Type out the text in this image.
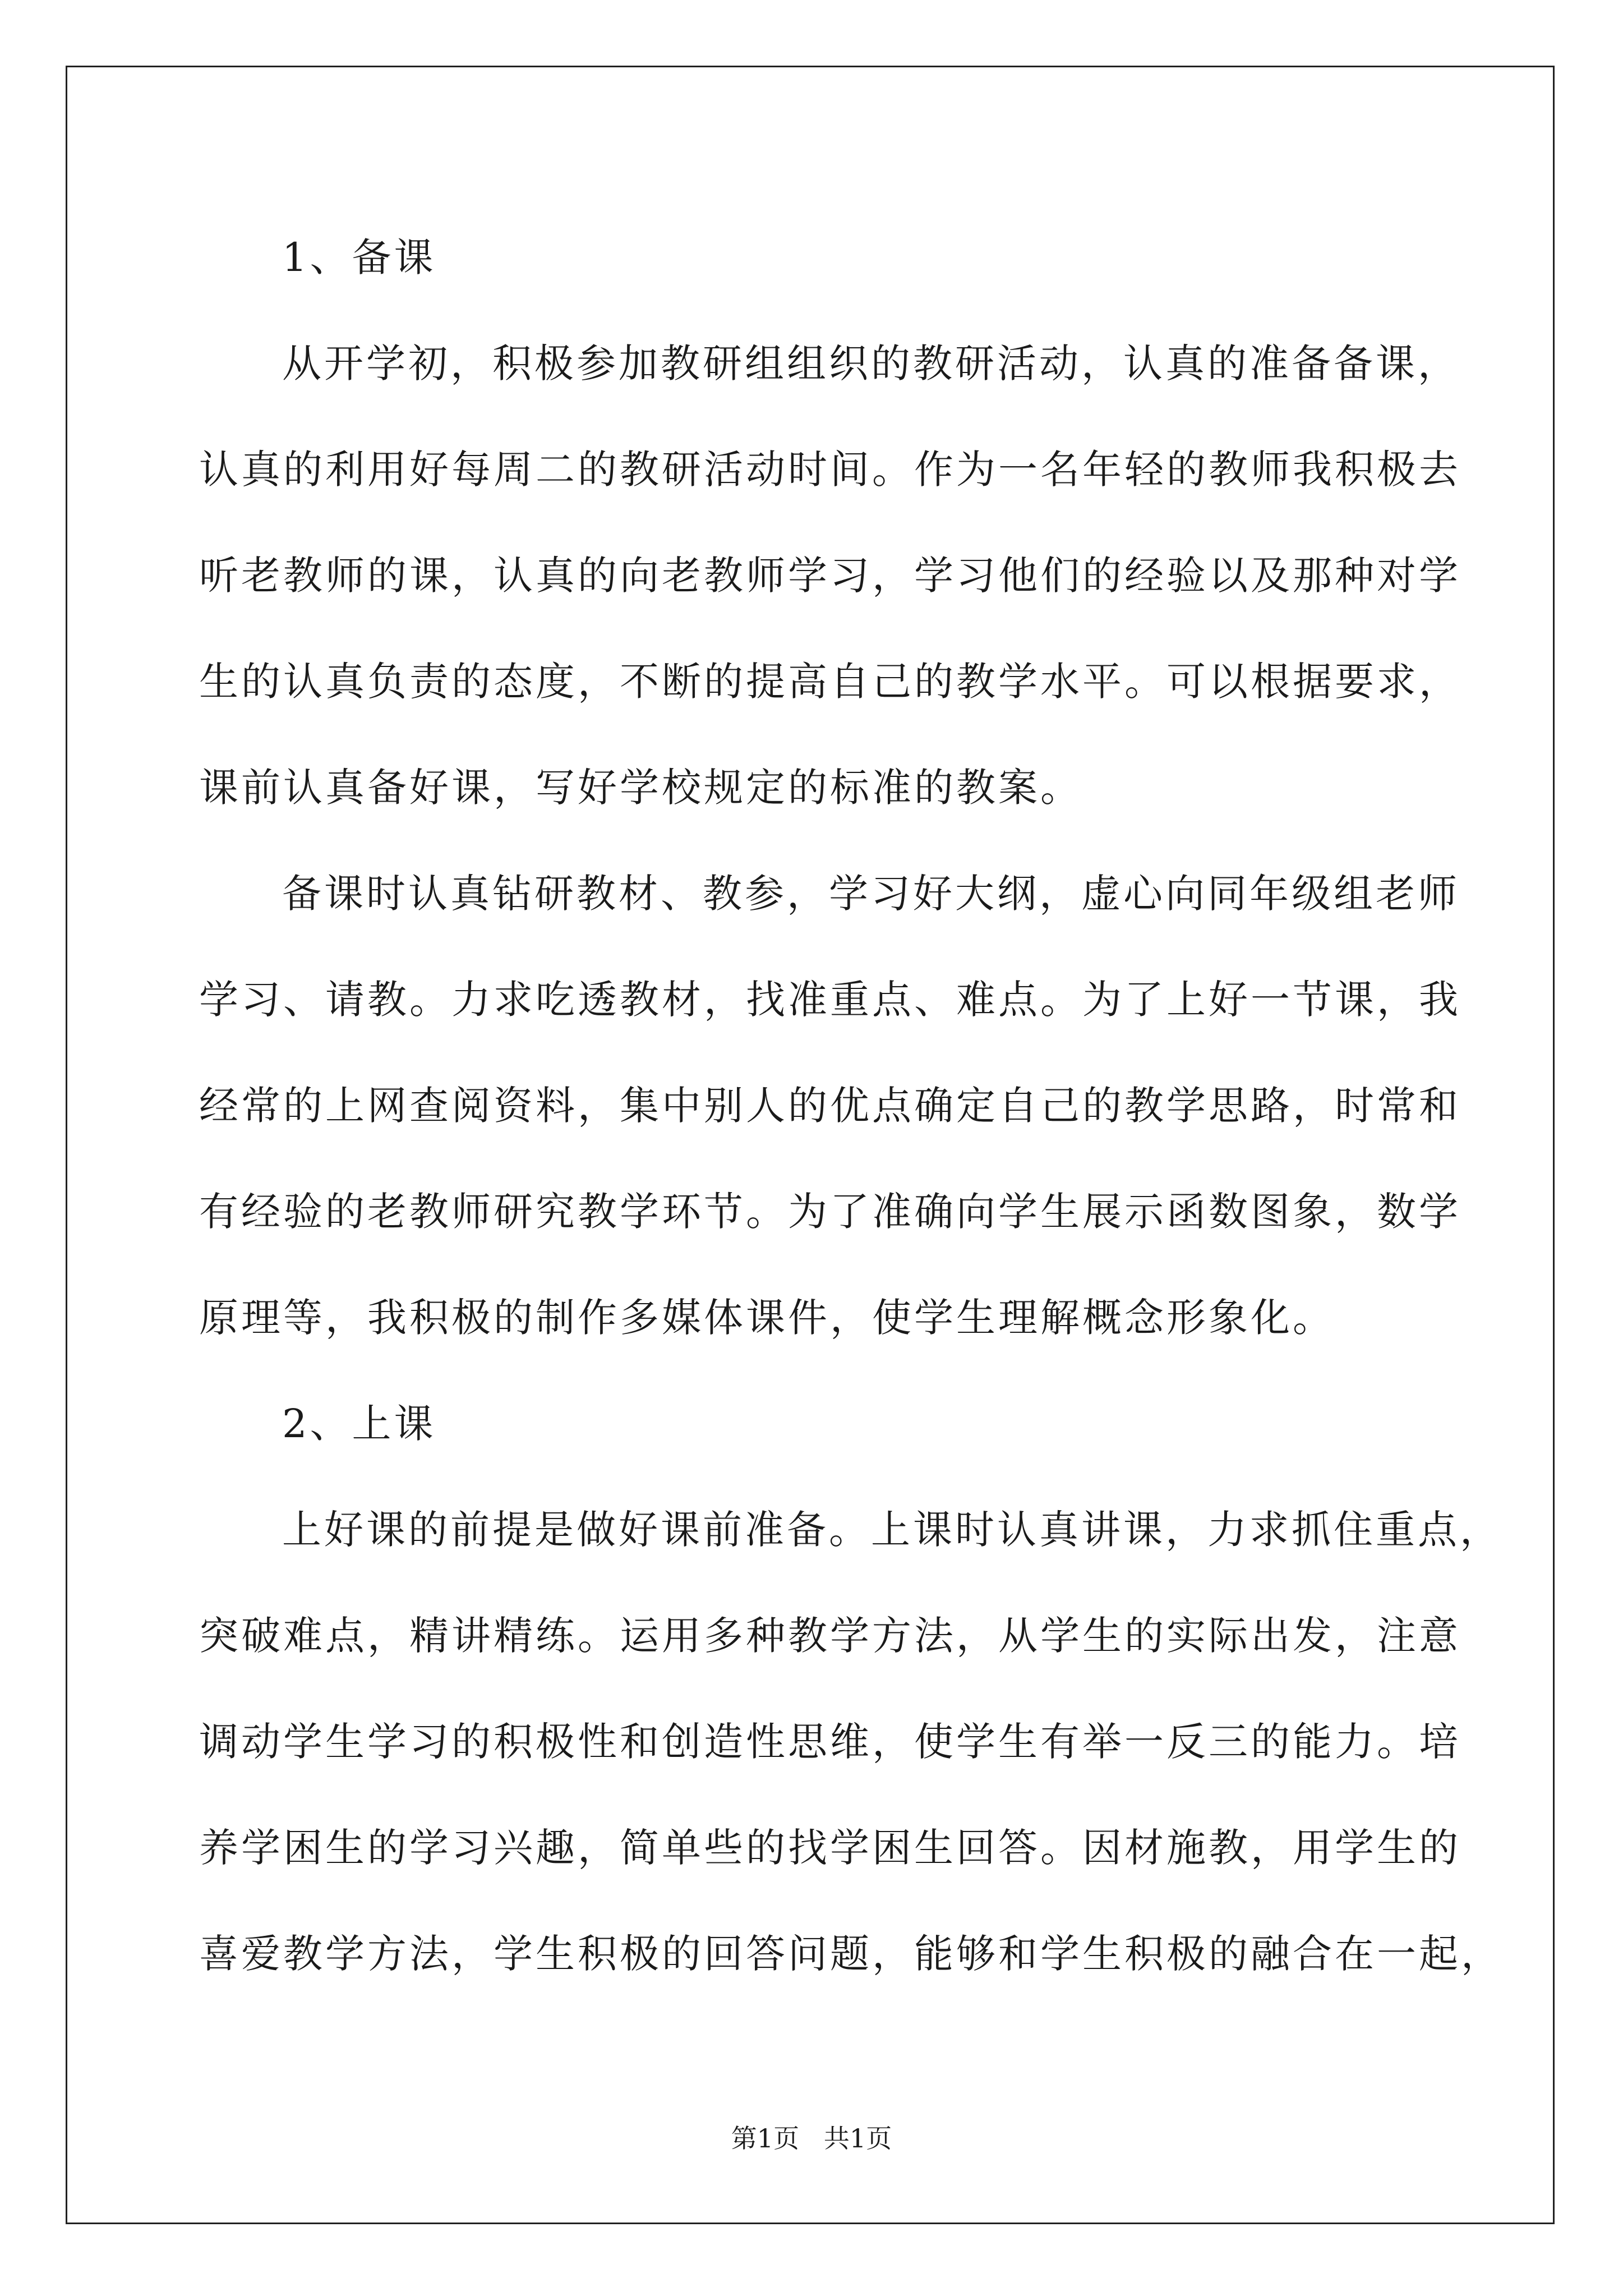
1、备课
从开学初，积极参加教研组组织的教研活动，认真的准备备课，
认真的利用好每周二的教研活动时间。作为一名年轻的教师我积极去
听老教师的课，认真的向老教师学习，学习他们的经验以及那种对学
生的认真负责的态度，不断的提高自己的教学水平。可以根据要求，
课前认真备好课，写好学校规定的标准的教案。
备课时认真钻研教材、教参，学习好大纲，虚心向同年级组老师
学习、请教。力求吃透教材，找准重点、难点。为了上好一节课，我
经常的上网查阅资料，集中别人的优点确定自己的教学思路，时常和
有经验的老教师研究教学环节。为了准确向学生展示函数图象，数学
原理等，我积极的制作多媒体课件，使学生理解概念形象化。
2、上课
上好课的前提是做好课前准备。上课时认真讲课，力求抓住重点，
突破难点，精讲精练。运用多种教学方法，从学生的实际出发，注意
调动学生学习的积极性和创造性思维，使学生有举一反三的能力。培
养学困生的学习兴趣，简单些的找学困生回答。因材施教，用学生的
喜爱教学方法，学生积极的回答问题，能够和学生积极的融合在一起，
第1页   共1页
